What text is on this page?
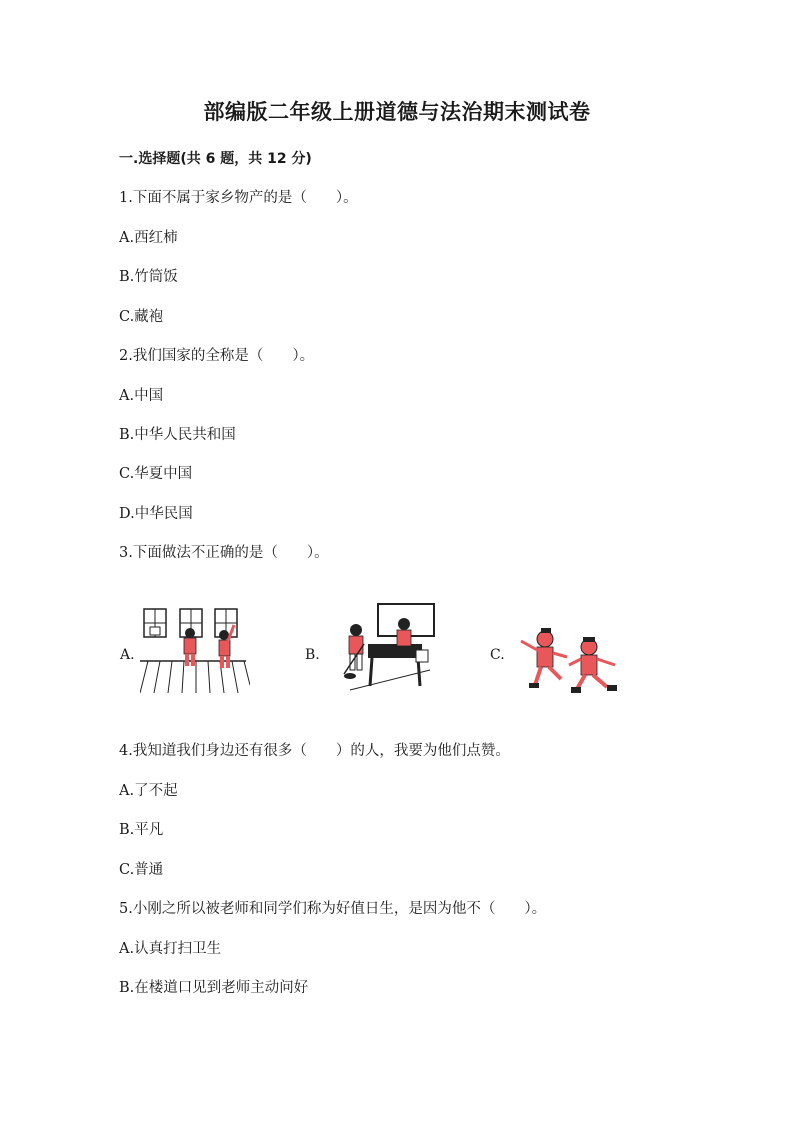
部编版二年级上册道德与法治期末测试卷
一.选择题(共 6 题，共 12 分)
1.下面不属于家乡物产的是（　　）。
A.西红柿
B.竹筒饭
C.藏袍
2.我们国家的全称是（　　）。
A.中国
B.中华人民共和国
C.华夏中国
D.中华民国
3.下面做法不正确的是（　　）。
A.	B.	C.
4.我知道我们身边还有很多（　　）的人，我要为他们点赞。
A.了不起
B.平凡
C.普通
5.小刚之所以被老师和同学们称为好值日生，是因为他不（　　）。
A.认真打扫卫生
B.在楼道口见到老师主动问好
